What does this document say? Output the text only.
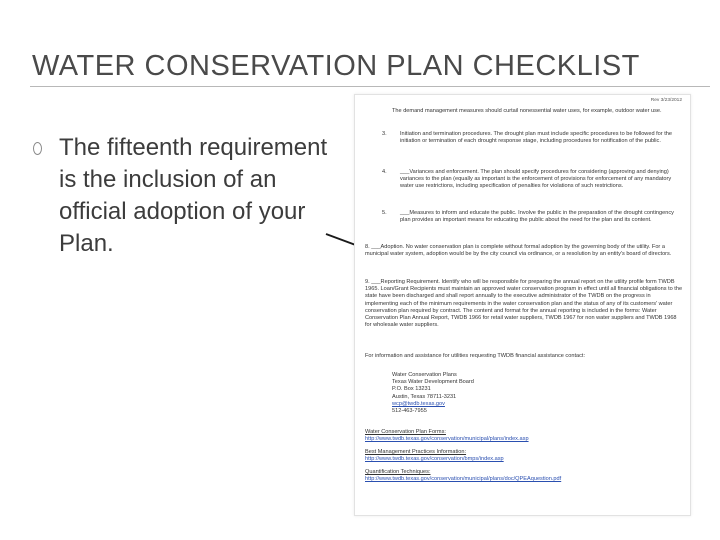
WATER CONSERVATION PLAN CHECKLIST
The fifteenth requirement is the inclusion of an official adoption of your Plan.
Rev 3/23/2012
The demand management measures should curtail nonessential water uses, for example, outdoor water use.
3. Initiation and termination procedures. The drought plan must include specific procedures to be followed for the initiation or termination of each drought response stage, including procedures for notification of the public.
4. ___Variances and enforcement. The plan should specify procedures for considering (approving and denying) variances to the plan (equally as important is the enforcement of provisions for enforcement of any mandatory water use restrictions, including specification of penalties for violations of such restrictions.
5. ___Measures to inform and educate the public. Involve the public in the preparation of the drought contingency plan provides an important means for educating the public about the need for the plan and its content.
8. ___Adoption. No water conservation plan is complete without formal adoption by the governing body of the utility. For a municipal water system, adoption would be by the city council via ordinance, or a resolution by an entity's board of directors.
9. ___Reporting Requirement. Identify who will be responsible for preparing the annual report on the utility profile form TWDB 1965. Loan/Grant Recipients must maintain an approved water conservation program in effect until all financial obligations to the state have been discharged and shall report annually to the executive administrator of the TWDB on the progress in implementing each of the minimum requirements in the water conservation plan and the status of any of its customers' water conservation plan required by contract. The content and format for the annual reporting is included in the forms: Water Conservation Plan Annual Report, TWDB 1966 for retail water suppliers, TWDB 1967 for non water suppliers and TWDB 1968 for wholesale water suppliers.
For information and assistance for utilities requesting TWDB financial assistance contact:
Water Conservation Plans
Texas Water Development Board
P.O. Box 13231
Austin, Texas 78711-3231
wcp@twdb.texas.gov
512-463-7955
Water Conservation Plan Forms:
http://www.twdb.texas.gov/conservation/municipal/plans/index.asp
Best Management Practices Information:
http://www.twdb.texas.gov/conservation/bmps/index.asp
Quantification Techniques:
http://www.twdb.texas.gov/conservation/municipal/plans/doc/QPEAquestion.pdf
